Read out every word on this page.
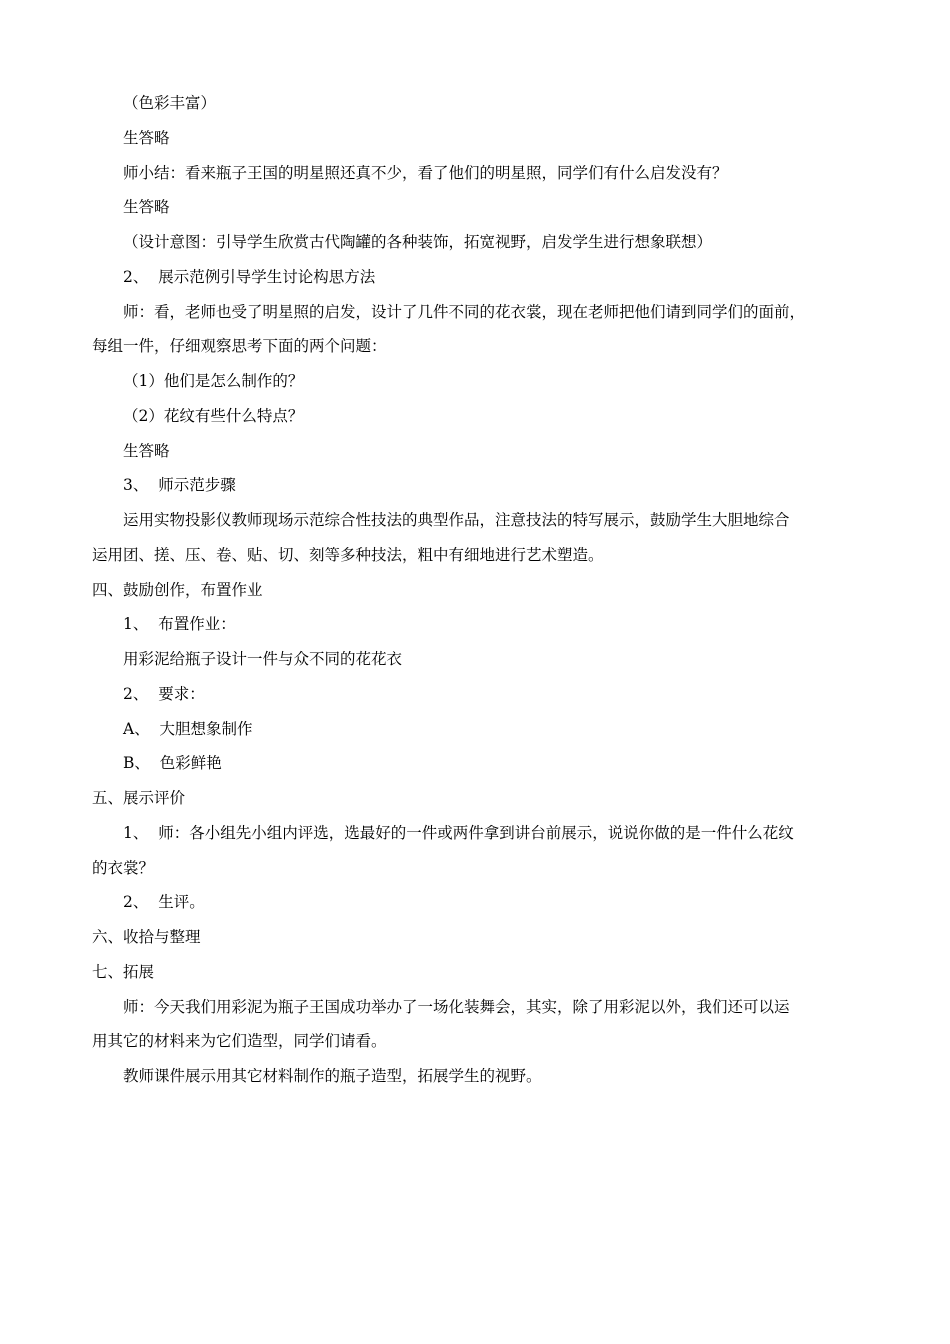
（色彩丰富）
生答略
师小结：看来瓶子王国的明星照还真不少，看了他们的明星照，同学们有什么启发没有？
生答略
（设计意图：引导学生欣赏古代陶罐的各种装饰，拓宽视野，启发学生进行想象联想）
2、  展示范例引导学生讨论构思方法
师：看，老师也受了明星照的启发，设计了几件不同的花衣裳，现在老师把他们请到同学们的面前，
每组一件，仔细观察思考下面的两个问题：
（1）他们是怎么制作的？
（2）花纹有些什么特点？
生答略
3、  师示范步骤
运用实物投影仪教师现场示范综合性技法的典型作品，注意技法的特写展示，鼓励学生大胆地综合
运用团、搓、压、卷、贴、切、刻等多种技法，粗中有细地进行艺术塑造。
四、鼓励创作，布置作业
1、  布置作业：
用彩泥给瓶子设计一件与众不同的花花衣
2、  要求：
A、  大胆想象制作
B、  色彩鲜艳
五、展示评价
1、  师：各小组先小组内评选，选最好的一件或两件拿到讲台前展示，说说你做的是一件什么花纹
的衣裳？
2、  生评。
六、收拾与整理
七、拓展
师：今天我们用彩泥为瓶子王国成功举办了一场化装舞会，其实，除了用彩泥以外，我们还可以运
用其它的材料来为它们造型，同学们请看。
教师课件展示用其它材料制作的瓶子造型，拓展学生的视野。
